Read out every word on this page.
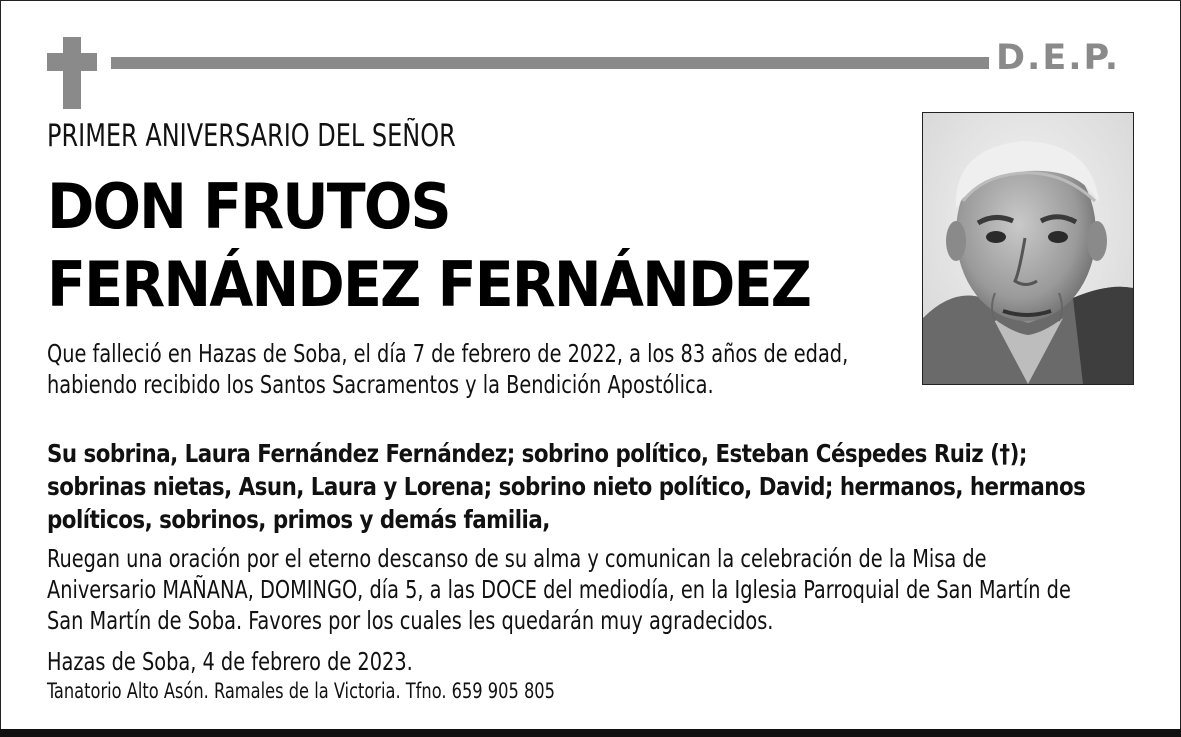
D.E.P.
PRIMER ANIVERSARIO DEL SEÑOR
DON FRUTOS
FERNÁNDEZ FERNÁNDEZ
Que falleció en Hazas de Soba, el día 7 de febrero de 2022, a los 83 años de edad, habiendo recibido los Santos Sacramentos y la Bendición Apostólica.
Su sobrina, Laura Fernández Fernández; sobrino político, Esteban Céspedes Ruiz (†); sobrinas nietas, Asun, Laura y Lorena; sobrino nieto político, David; hermanos, hermanos políticos, sobrinos, primos y demás familia,
Ruegan una oración por el eterno descanso de su alma y comunican la celebración de la Misa de Aniversario MAÑANA, DOMINGO, día 5, a las DOCE del mediodía, en la Iglesia Parroquial de San Martín de San Martín de Soba. Favores por los cuales les quedarán muy agradecidos.
Hazas de Soba, 4 de febrero de 2023.
Tanatorio Alto Asón. Ramales de la Victoria. Tfno. 659 905 805
